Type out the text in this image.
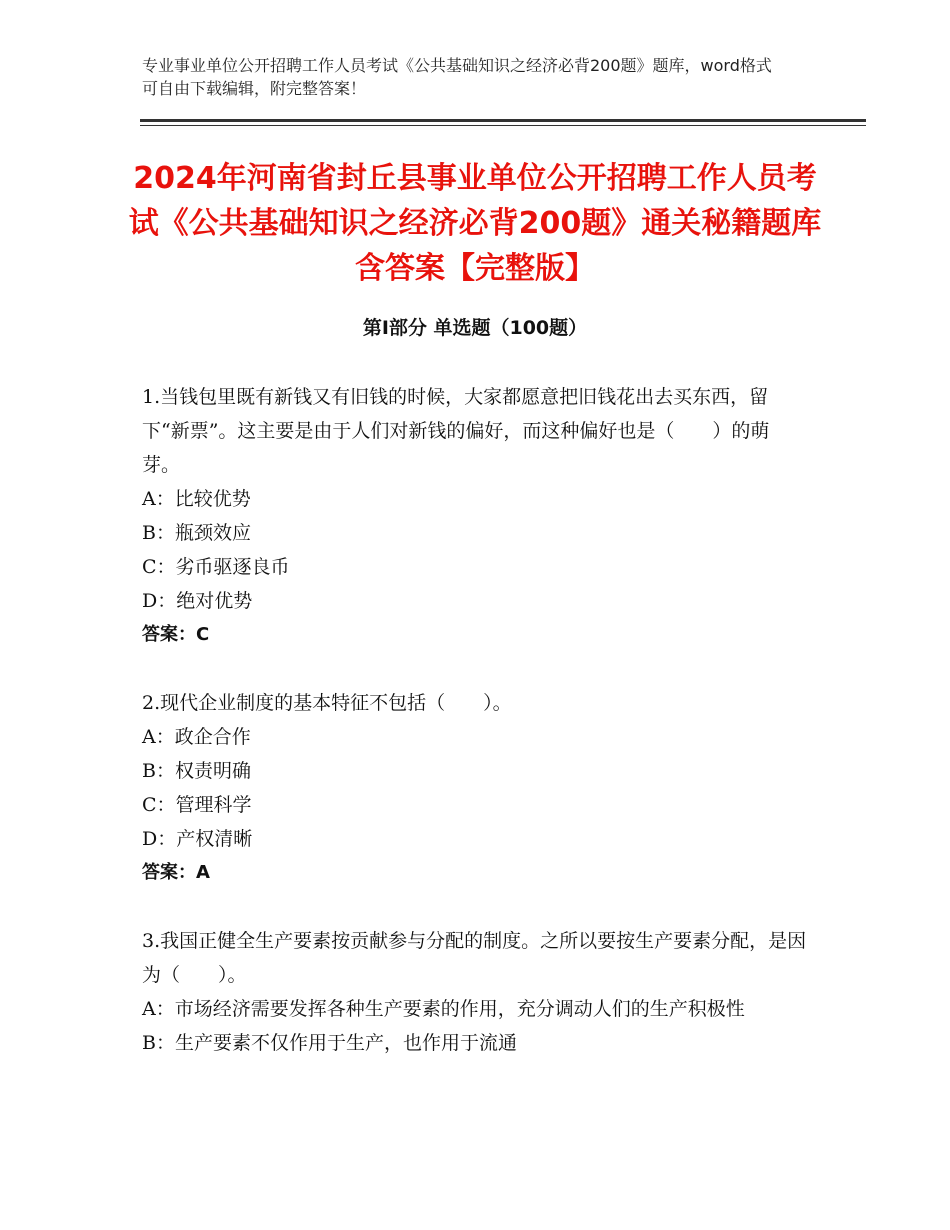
专业事业单位公开招聘工作人员考试《公共基础知识之经济必背200题》题库，word格式可自由下载编辑，附完整答案！
2024年河南省封丘县事业单位公开招聘工作人员考试《公共基础知识之经济必背200题》通关秘籍题库含答案【完整版】
第Ⅰ部分 单选题（100题）

1.当钱包里既有新钱又有旧钱的时候，大家都愿意把旧钱花出去买东西，留下“新票”。这主要是由于人们对新钱的偏好，而这种偏好也是（　　）的萌芽。

A：比较优势

B：瓶颈效应

C：劣币驱逐良币

D：绝对优势

答案：C

2.现代企业制度的基本特征不包括（　　）。

A：政企合作

B：权责明确

C：管理科学

D：产权清晰

答案：A

3.我国正健全生产要素按贡献参与分配的制度。之所以要按生产要素分配，是因为（　　）。

A：市场经济需要发挥各种生产要素的作用，充分调动人们的生产积极性

B：生产要素不仅作用于生产，也作用于流通
